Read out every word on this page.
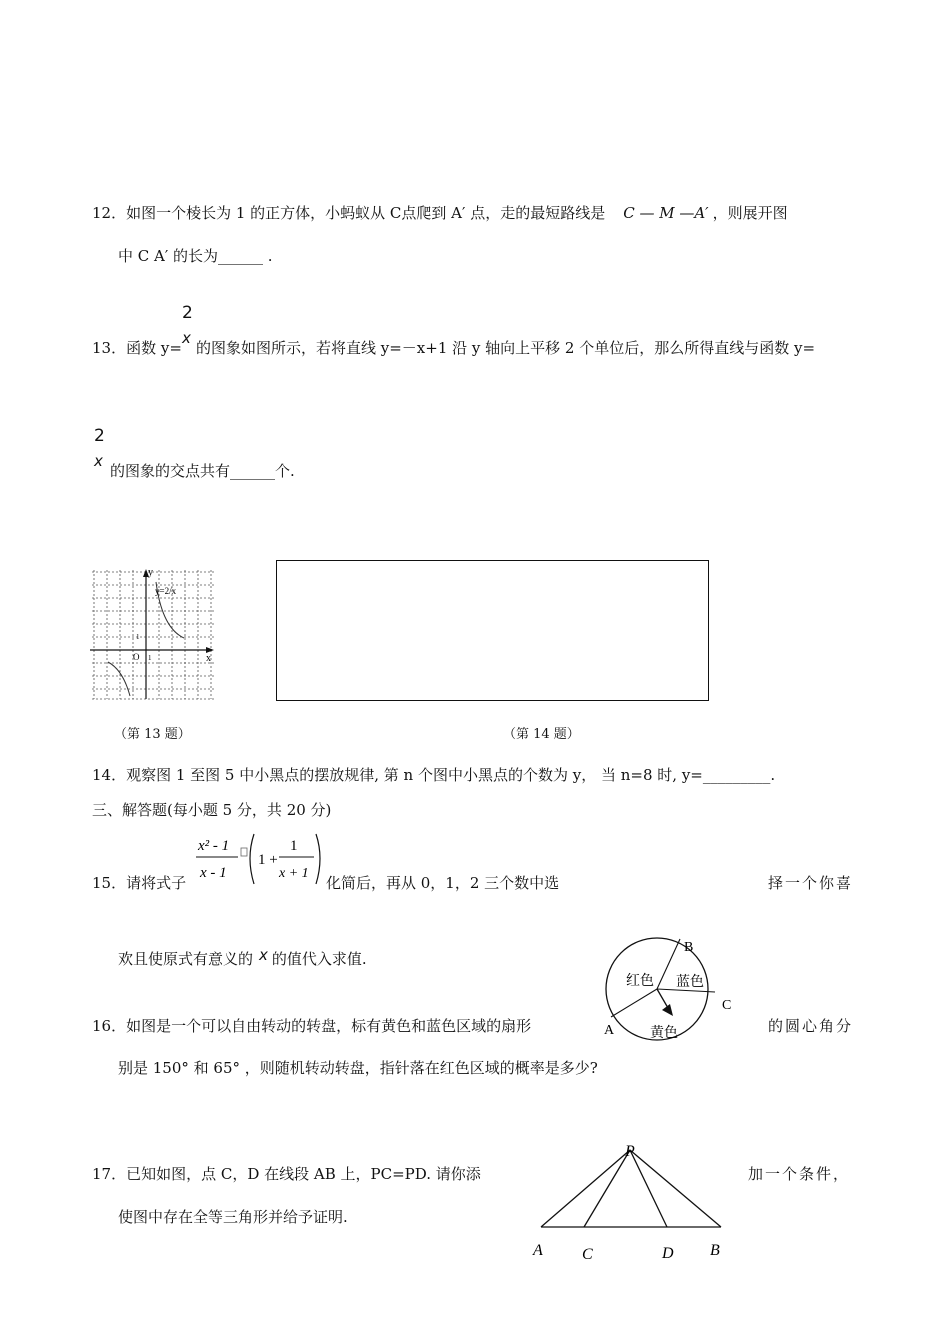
12．如图一个棱长为 1 的正方体，小蚂蚁从 C点爬到 A′ 点，走的最短路线是 C — M —A′ ，则展开图
中 C A′ 的长为______ .
2
x
13．函数 y= 的图象如图所示，若将直线 y=－x+1 沿 y 轴向上平移 2 个单位后，那么所得直线与函数 y=
2
x
的图象的交点共有______个.
y=2/x
x
y
O 1
1
（第 13 题）	（第 14 题）
14．观察图 1 至图 5 中小黑点的摆放规律, 第 n 个图中小黑点的个数为 y， 当 n=8 时, y=_________.
三、解答题(每小题 5 分，共 20 分)
15．请将式子
x² - 1
x - 1
1 +
1
x + 1
化简后，再从 0，1，2 三个数中选	择一个你喜
欢且使原式有意义的 x 的值代入求值.
红色 蓝色
黄色
B
C
A
16．如图是一个可以自由转动的转盘，标有黄色和蓝色区域的扇形	的圆心角分
别是 150° 和 65° ，则随机转动转盘，指针落在红色区域的概率是多少?
P
A C	D B
17．已知如图，点 C，D 在线段 AB 上，PC=PD. 请你添	加一个条件，
使图中存在全等三角形并给予证明.
